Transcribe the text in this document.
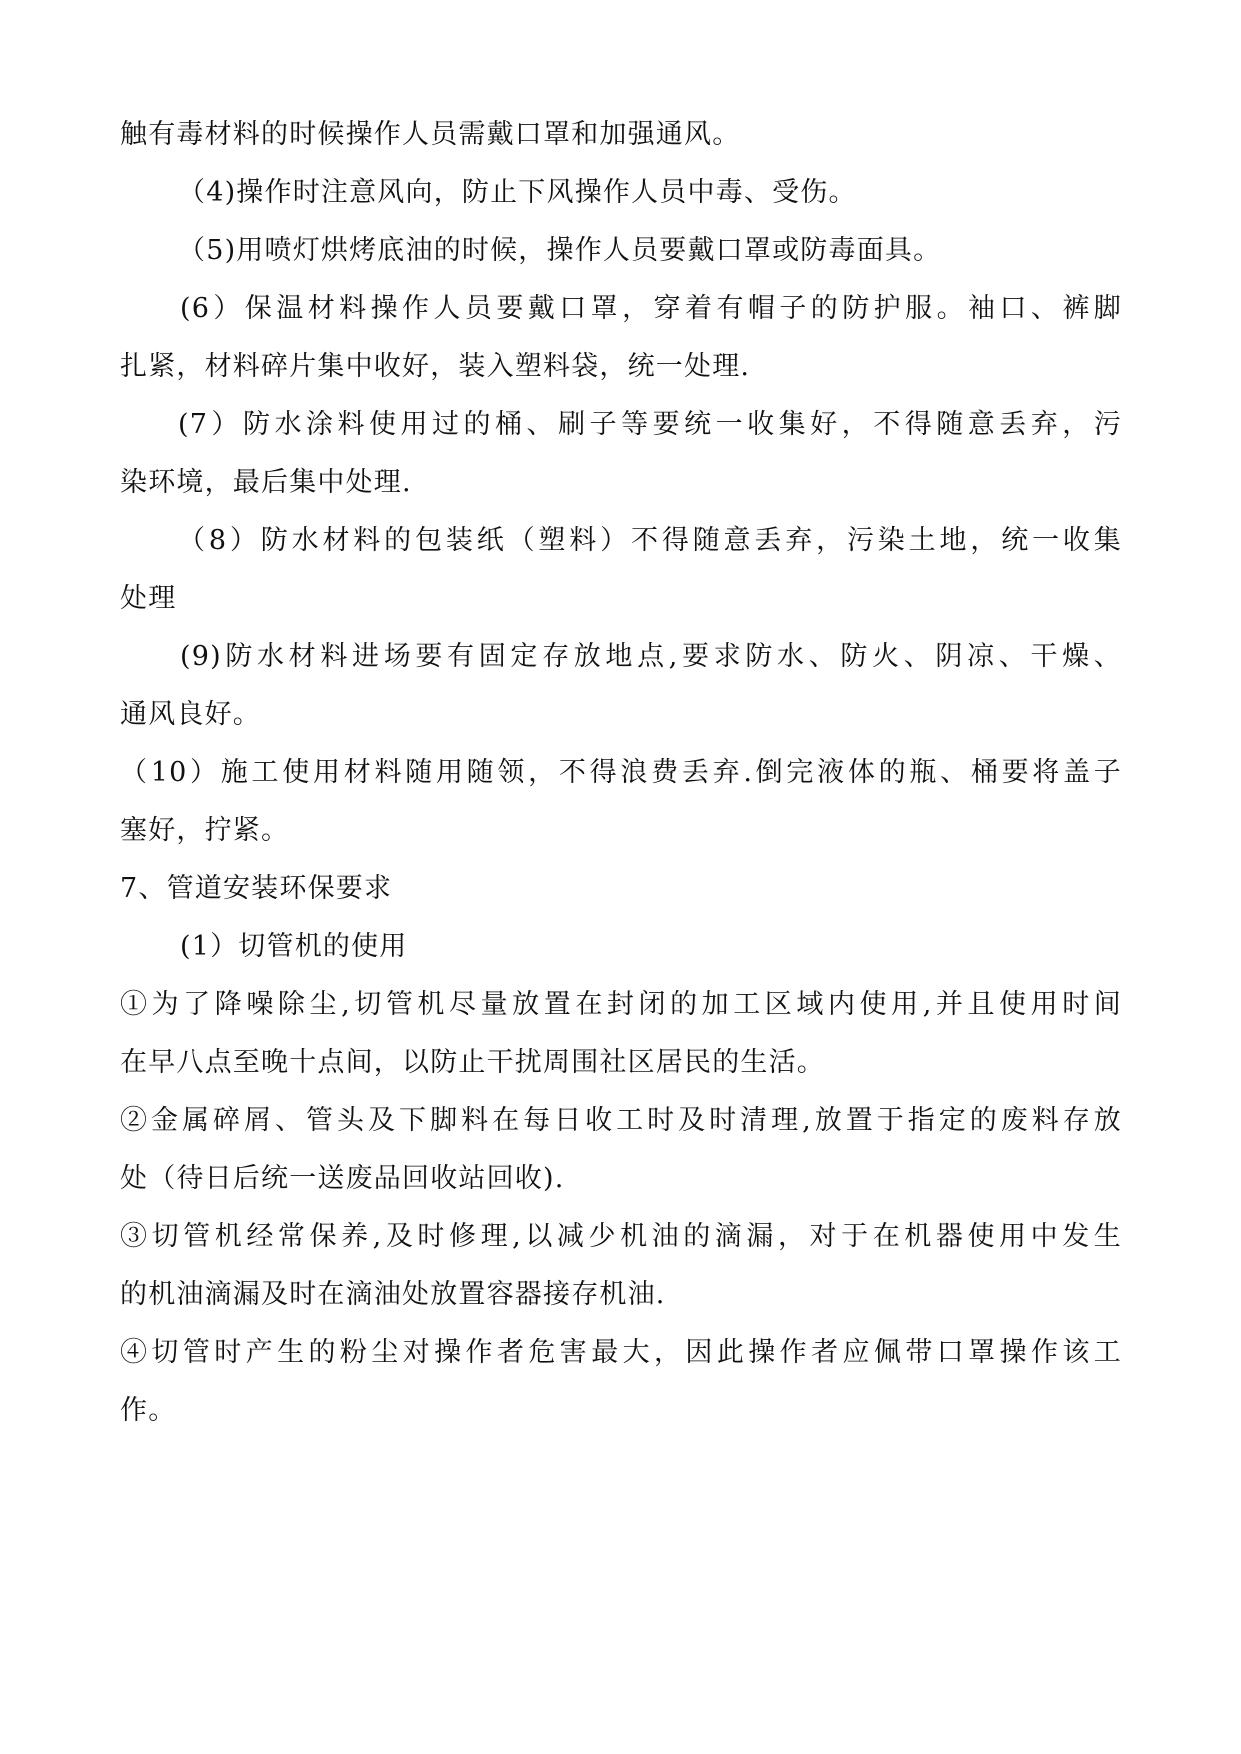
触有毒材料的时候操作人员需戴口罩和加强通风。
（4)操作时注意风向，防止下风操作人员中毒、受伤。
（5)用喷灯烘烤底油的时候，操作人员要戴口罩或防毒面具。
(6）保温材料操作人员要戴口罩，穿着有帽子的防护服。袖口、裤脚
扎紧，材料碎片集中收好，装入塑料袋，统一处理.
(7）防水涂料使用过的桶、刷子等要统一收集好，不得随意丢弃，污
染环境，最后集中处理.
（8）防水材料的包装纸（塑料）不得随意丢弃，污染土地，统一收集
处理
(9)防水材料进场要有固定存放地点,要求防水、防火、阴凉、干燥、
通风良好。
（10）施工使用材料随用随领，不得浪费丢弃.倒完液体的瓶、桶要将盖子
塞好，拧紧。
7、管道安装环保要求
(1）切管机的使用
①为了降噪除尘,切管机尽量放置在封闭的加工区域内使用,并且使用时间
在早八点至晚十点间，以防止干扰周围社区居民的生活。
②金属碎屑、管头及下脚料在每日收工时及时清理,放置于指定的废料存放
处（待日后统一送废品回收站回收).
③切管机经常保养,及时修理,以减少机油的滴漏，对于在机器使用中发生
的机油滴漏及时在滴油处放置容器接存机油.
④切管时产生的粉尘对操作者危害最大，因此操作者应佩带口罩操作该工
作。
